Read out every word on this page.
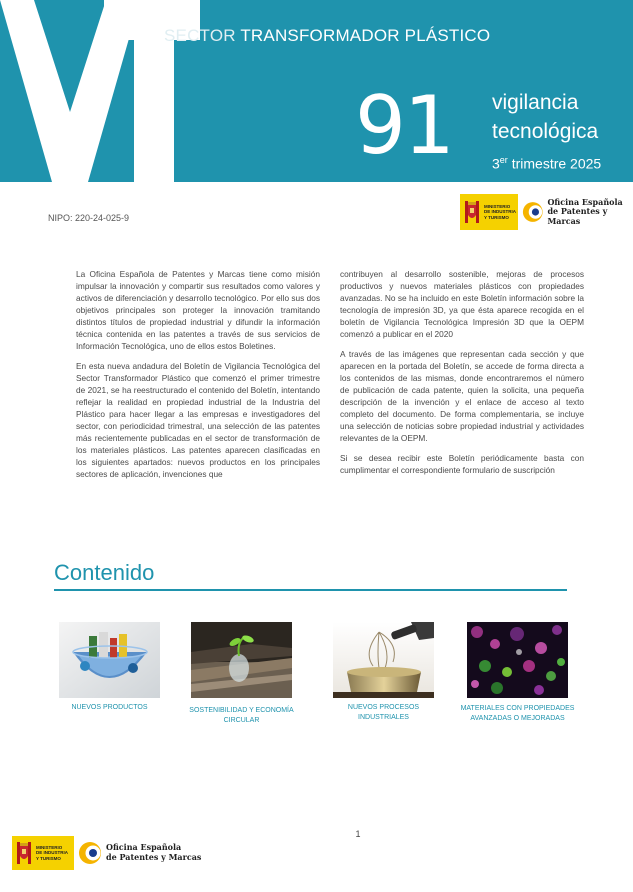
SECTOR TRANSFORMADOR PLÁSTICO
91 vigilancia
tecnológica
3er trimestre 2025
NIPO: 220-24-025-9
MINISTERIO
DE INDUSTRIA
Y TURISMO
Oficina Española
de Patentes y Marcas

La Oficina Española de Patentes y Marcas tiene como misión impulsar la innovación y compartir sus resultados como valores y activos de diferenciación y desarrollo tecnológico. Por ello sus dos objetivos principales son proteger la innovación tramitando distintos títulos de propiedad industrial y difundir la información técnica contenida en las patentes a través de sus servicios de Información Tecnológica, uno de ellos estos Boletines.

En esta nueva andadura del Boletín de Vigilancia Tecnológica del Sector Transformador Plástico que comenzó el primer trimestre de 2021, se ha reestructurado el contenido del Boletín, intentando reflejar la realidad en propiedad industrial de la Industria del Plástico para hacer llegar a las empresas e investigadores del sector, con periodicidad trimestral, una selección de las patentes más recientemente publicadas en el sector de transformación de los materiales plásticos. Las patentes aparecen clasificadas en los siguientes apartados: nuevos productos en los principales sectores de aplicación, invenciones que

contribuyen al desarrollo sostenible, mejoras de procesos productivos y nuevos materiales plásticos con propiedades avanzadas. No se ha incluido en este Boletín información sobre la tecnología de impresión 3D, ya que ésta aparece recogida en el boletín de Vigilancia Tecnológica Impresión 3D que la OEPM comenzó a publicar en el 2020

A través de las imágenes que representan cada sección y que aparecen en la portada del Boletín, se accede de forma directa a los contenidos de las mismas, donde encontraremos el número de publicación de cada patente, quien la solicita, una pequeña descripción de la invención y el enlace de acceso al texto completo del documento. De forma complementaria, se incluye una selección de noticias sobre propiedad industrial y actividades relevantes de la OEPM.

Si se desea recibir este Boletín periódicamente basta con cumplimentar el correspondiente formulario de suscripción

Contenido
NUEVOS PRODUCTOS	SOSTENIBILIDAD Y ECONOMÍA CIRCULAR
NUEVOS PROCESOS INDUSTRIALES
MATERIALES CON PROPIEDADES AVANZADAS O MEJORADAS
1
MINISTERIO
DE INDUSTRIA
Y TURISMO
Oficina Española
de Patentes y Marcas
